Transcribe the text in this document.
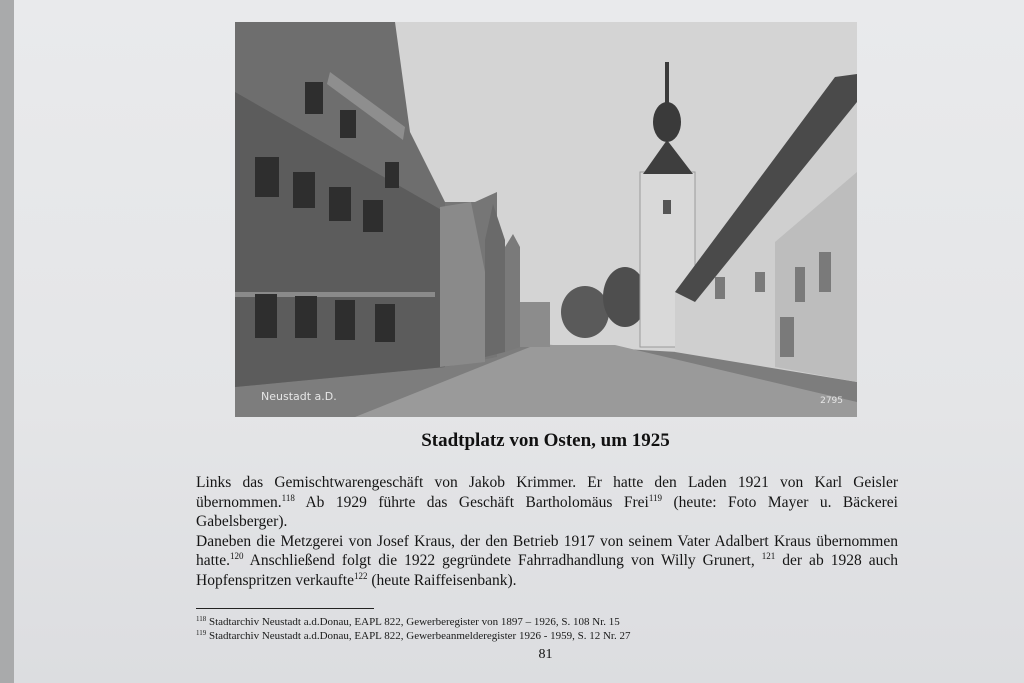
Neustadt a.D.	2795
Stadtplatz von Osten, um 1925

Links das Gemischtwarengeschäft von Jakob Krimmer. Er hatte den Laden 1921 von Karl Geisler übernommen.$^{118}$ Ab 1929 führte das Geschäft Bartholomäus Frei$^{119}$ (heute: Foto Mayer u. Bäckerei Gabelsberger).

Daneben die Metzgerei von Josef Kraus, der den Betrieb 1917 von seinem Vater Adalbert Kraus übernommen hatte.$^{120}$ Anschließend folgt die 1922 gegründete Fahrradhandlung von Willy Grunert, $^{121}$ der ab 1928 auch Hopfenspritzen verkaufte$^{122}$ (heute Raiffeisenbank).

$^{118}$ Stadtarchiv Neustadt a.d.Donau, EAPL 822, Gewerberegister von 1897 – 1926, S. 108 Nr. 15
$^{119}$ Stadtarchiv Neustadt a.d.Donau, EAPL 822, Gewerbeanmelderegister 1926 - 1959, S. 12 Nr. 27
81
